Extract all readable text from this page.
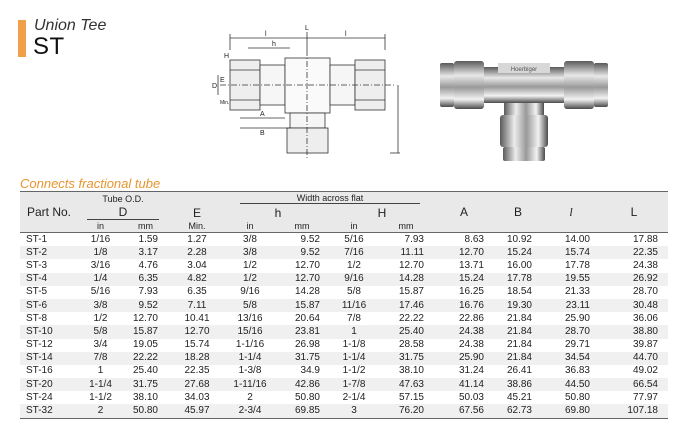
Union Tee
ST	H
l	l
L
h
D
E
Min.
A
B
Hoerbiger
Connects fractional tube
Part No.	Tube O.D.		E	Width across flat				A	B	l	L
	D			h		H					
	in	mm	Min.	in	mm	in	mm				
ST-1	1/16	1.59	1.27	3/8	9.52	5/16	7.93	8.63	10.92	14.00	17.88
ST-2	1/8	3.17	2.28	3/8	9.52	7/16	11.11	12.70	15.24	15.74	22.35
ST-3	3/16	4.76	3.04	1/2	12.70	1/2	12.70	13.71	16.00	17.78	24.38
ST-4	1/4	6.35	4.82	1/2	12.70	9/16	14.28	15.24	17.78	19.55	26.92
ST-5	5/16	7.93	6.35	9/16	14.28	5/8	15.87	16.25	18.54	21.33	28.70
ST-6	3/8	9.52	7.11	5/8	15.87	11/16	17.46	16.76	19.30	23.11	30.48
ST-8	1/2	12.70	10.41	13/16	20.64	7/8	22.22	22.86	21.84	25.90	36.06
ST-10	5/8	15.87	12.70	15/16	23.81	1	25.40	24.38	21.84	28.70	38.80
ST-12	3/4	19.05	15.74	1-1/16	26.98	1-1/8	28.58	24.38	21.84	29.71	39.87
ST-14	7/8	22.22	18.28	1-1/4	31.75	1-1/4	31.75	25.90	21.84	34.54	44.70
ST-16	1	25.40	22.35	1-3/8	34.9	1-1/2	38.10	31.24	26.41	36.83	49.02
ST-20	1-1/4	31.75	27.68	1-11/16	42.86	1-7/8	47.63	41.14	38.86	44.50	66.54
ST-24	1-1/2	38.10	34.03	2	50.80	2-1/4	57.15	50.03	45.21	50.80	77.97
ST-32	2	50.80	45.97	2-3/4	69.85	3	76.20	67.56	62.73	69.80	107.18
